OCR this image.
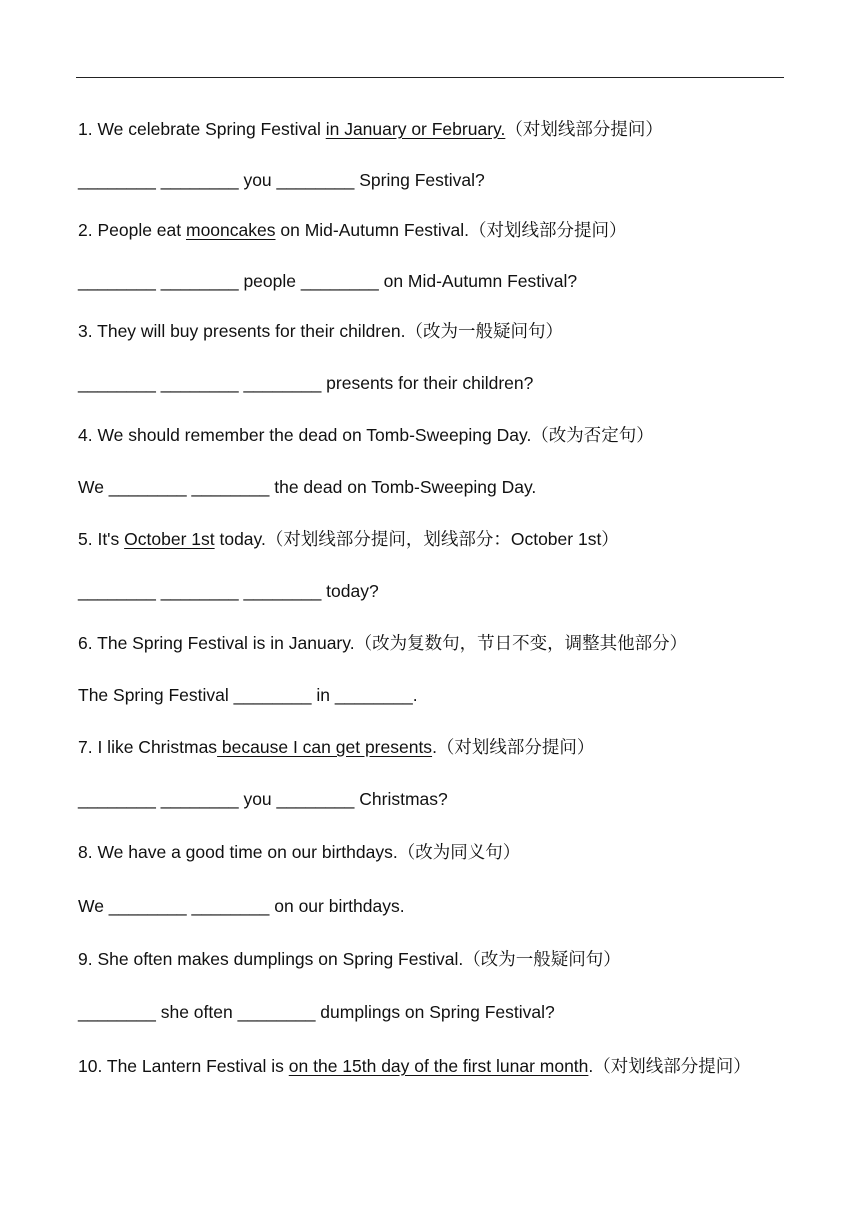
1. We celebrate Spring Festival in January or February.（对划线部分提问）
________ ________ you ________ Spring Festival?
2. People eat mooncakes on Mid-Autumn Festival.（对划线部分提问）
________ ________ people ________ on Mid-Autumn Festival?
3. They will buy presents for their children.（改为一般疑问句）
________ ________ ________ presents for their children?
4. We should remember the dead on Tomb-Sweeping Day.（改为否定句）
We ________ ________ the dead on Tomb-Sweeping Day.
5. It's October 1st today.（对划线部分提问，划线部分：October 1st）
________ ________ ________ today?
6. The Spring Festival is in January.（改为复数句，节日不变，调整其他部分）
The Spring Festival ________ in ________.
7. I like Christmas because I can get presents.（对划线部分提问）
________ ________ you ________ Christmas?
8. We have a good time on our birthdays.（改为同义句）
We ________ ________ on our birthdays.
9. She often makes dumplings on Spring Festival.（改为一般疑问句）
________ she often ________ dumplings on Spring Festival?
10. The Lantern Festival is on the 15th day of the first lunar month.（对划线部分提问）
